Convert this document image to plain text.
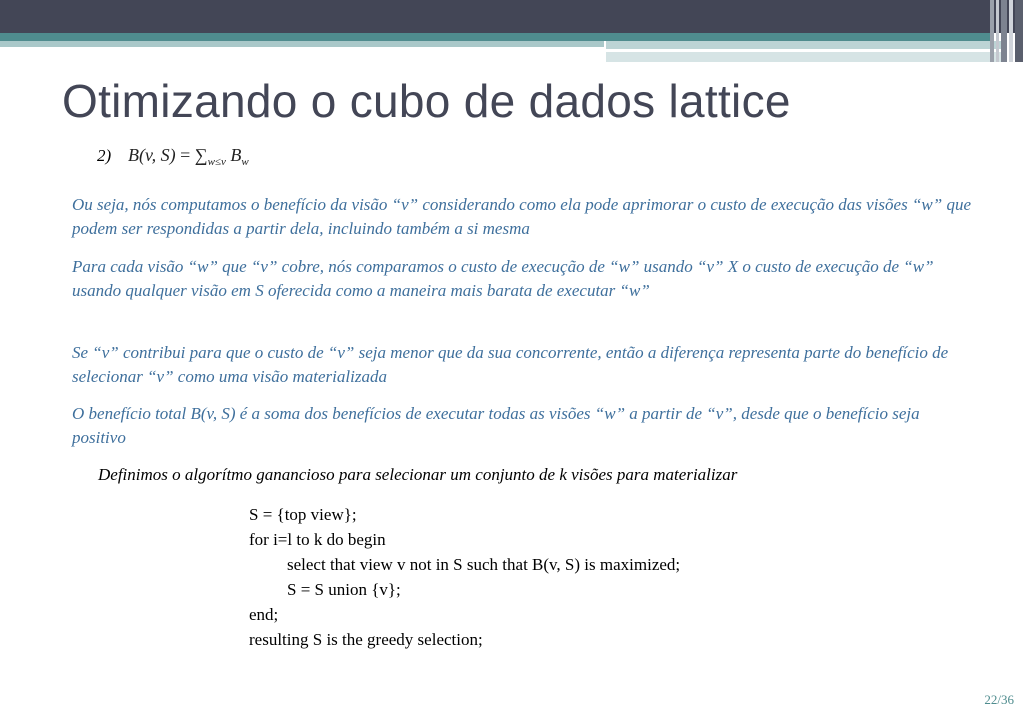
Otimizando o cubo de dados lattice
2) B(v, $S) = \sum_{w\le v}$ $B_w$

Ou seja, nós computamos o benefício da visão “v” considerando como ela pode aprimorar o custo de execução das visões “w” que podem ser respondidas a partir dela, incluindo também a si mesma

Para cada visão “w” que “v” cobre, nós comparamos o custo de execução de “w” usando “v” X o custo de execução de “w” usando qualquer visão em S oferecida como a maneira mais barata de executar “w”

Se “v” contribui para que o custo de “v” seja menor que da sua concorrente, então a diferença representa parte do benefício de selecionar “v” como uma visão materializada

O benefício total B(v, S) é a soma dos benefícios de executar todas as visões “w” a partir de “v”, desde que o benefício seja positivo

Definimos o algorítmo ganancioso para selecionar um conjunto de k visões para materializar

S = {top view};
for i=l to k do begin
select that view v not in S such that B(v, S) is maximized;
S = S union {v};
end;
resulting S is the greedy selection;
22/36
